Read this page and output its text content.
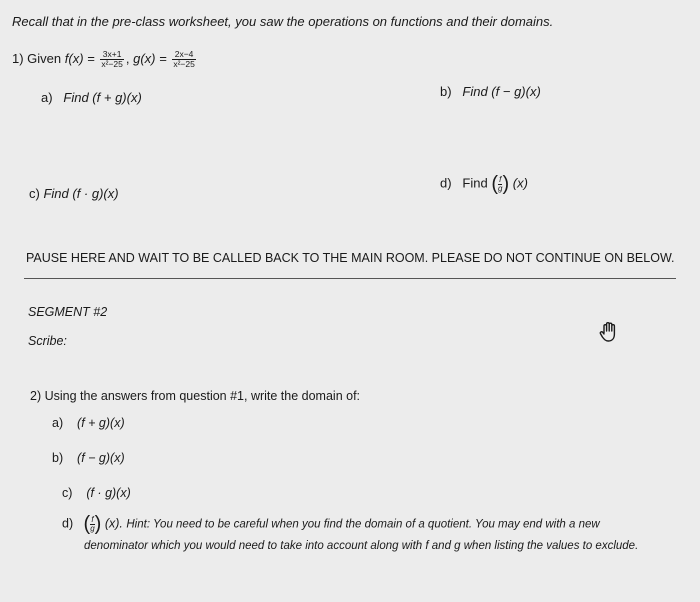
Recall that in the pre-class worksheet, you saw the operations on functions and their domains.
1) Given $f(x) = \frac{3x+1}{\text{x²−25}}$ , $g(x) = \frac{2x-4}{\text{x²−25}}$
a) Find (f + g)(x)	b) Find (f − g)(x)
c) Find (f · g)(x)
d) Find ( $\frac{f}{g}$) (x)
PAUSE HERE AND WAIT TO BE CALLED BACK TO THE MAIN ROOM. PLEASE DO NOT CONTINUE ON BELOW.
SEGMENT #2
Scribe:
2) Using the answers from question #1, write the domain of:
a) (f + g)(x)
b) (f − g)(x)
c) (f · g)(x)
d) ( $\frac{f}{g}$) (x). Hint: You need to be careful when you find the domain of a quotient. You may end with a new
denominator which you would need to take into account along with f and g when listing the values to exclude.
